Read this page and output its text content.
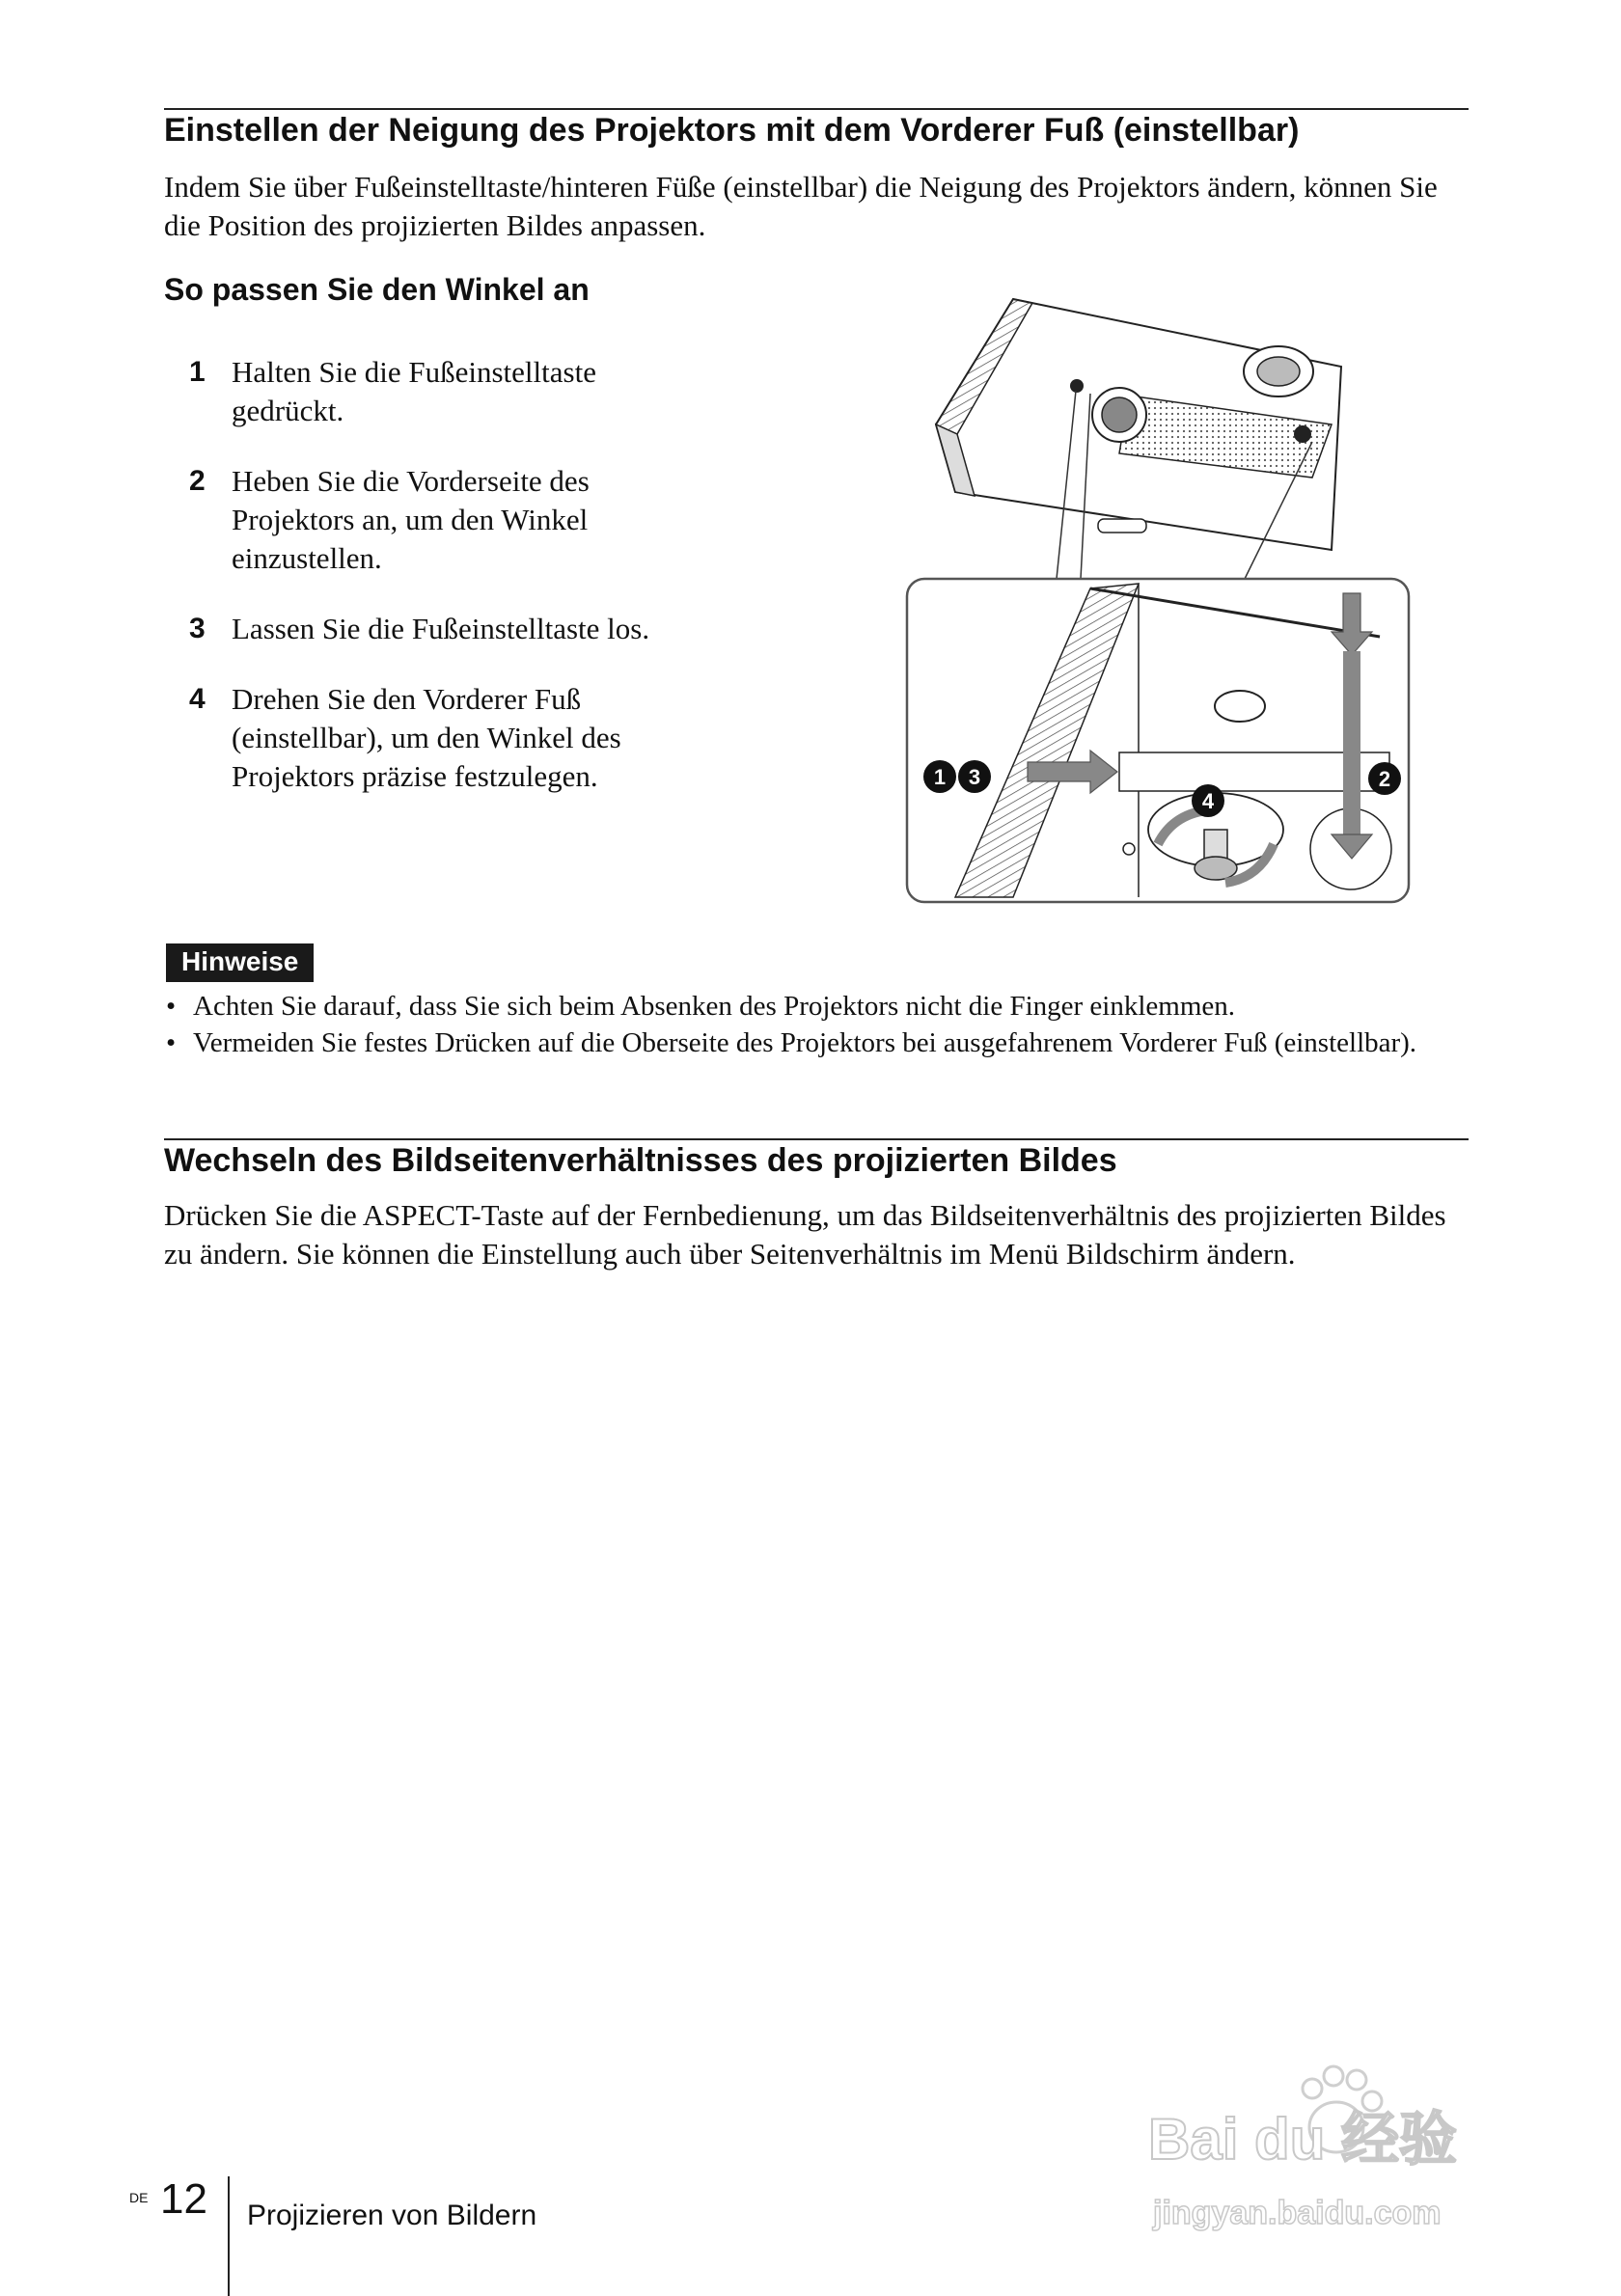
Einstellen der Neigung des Projektors mit dem Vorderer Fuß (einstellbar)

Indem Sie über Fußeinstelltaste/hinteren Füße (einstellbar) die Neigung des Projektors ändern, können Sie die Position des projizierten Bildes anpassen.

So passen Sie den Winkel an
1 Halten Sie die Fußeinstelltaste gedrückt.
2 Heben Sie die Vorderseite des Projektors an, um den Winkel einzustellen.
3 Lassen Sie die Fußeinstelltaste los.
4 Drehen Sie den Vorderer Fuß (einstellbar), um den Winkel des Projektors präzise festzulegen.	1 3	2
4
Hinweise
• Achten Sie darauf, dass Sie sich beim Absenken des Projektors nicht die Finger einklemmen.
• Vermeiden Sie festes Drücken auf die Oberseite des Projektors bei ausgefahrenem Vorderer Fuß (einstellbar).
Wechseln des Bildseitenverhältnisses des projizierten Bildes

Drücken Sie die ASPECT-Taste auf der Fernbedienung, um das Bildseitenverhältnis des projizierten Bildes zu ändern. Sie können die Einstellung auch über Seitenverhältnis im Menü Bildschirm ändern.

Bai du 经验
jingyan.baidu.com
DE 12 Projizieren von Bildern
